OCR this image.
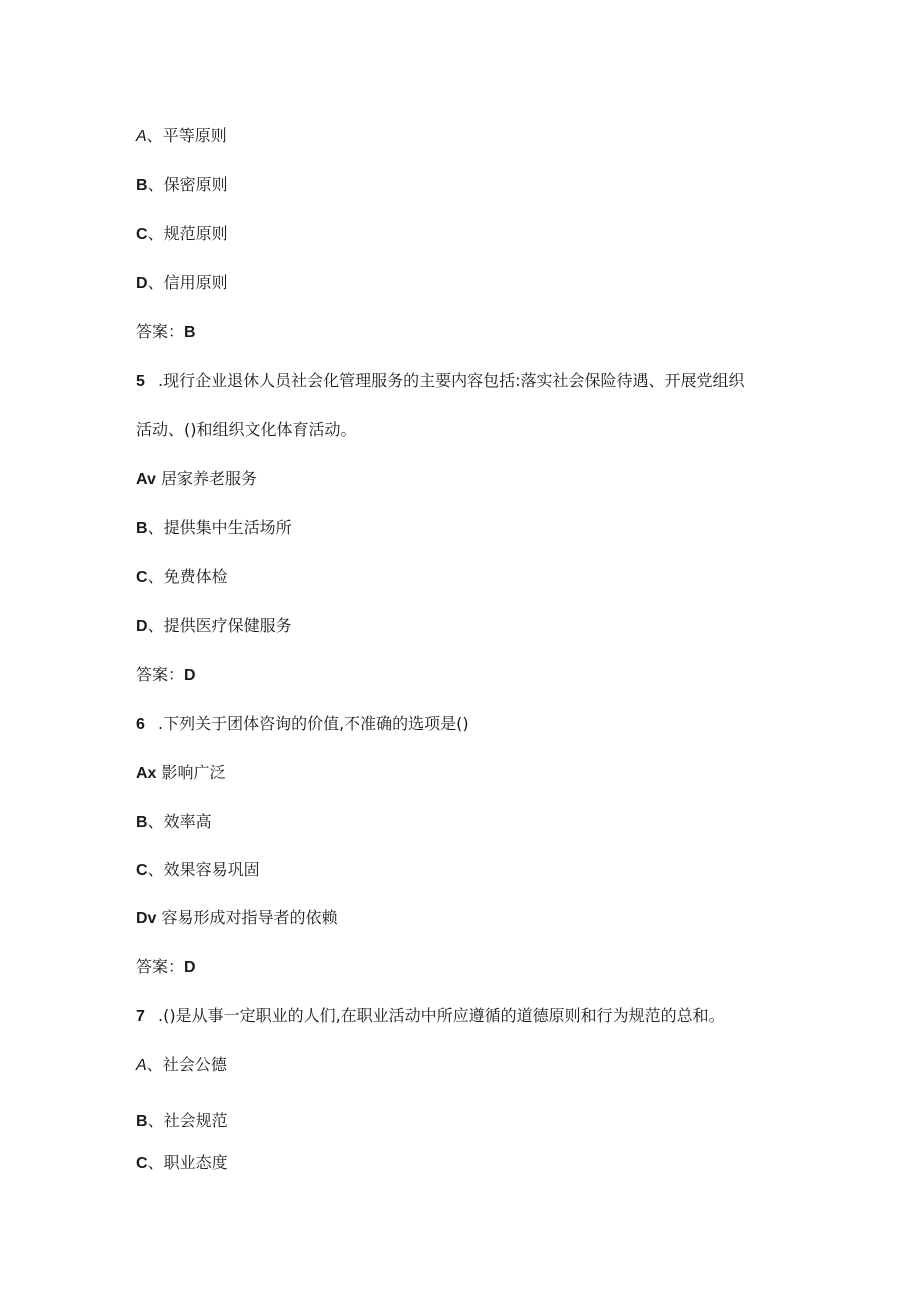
A、平等原则
B、保密原则
C、规范原则
D、信用原则
答案：B
5 .现行企业退休人员社会化管理服务的主要内容包括:落实社会保险待遇、开展党组织
活动、()和组织文化体育活动。
Av 居家养老服务
B、提供集中生活场所
C、免费体检
D、提供医疗保健服务
答案：D
6 .下列关于团体咨询的价值,不准确的选项是()
Ax 影响广泛
B、效率高
C、效果容易巩固
Dv 容易形成对指导者的依赖
答案：D
7 .()是从事一定职业的人们,在职业活动中所应遵循的道德原则和行为规范的总和。
A、社会公德
B、社会规范
C、职业态度
